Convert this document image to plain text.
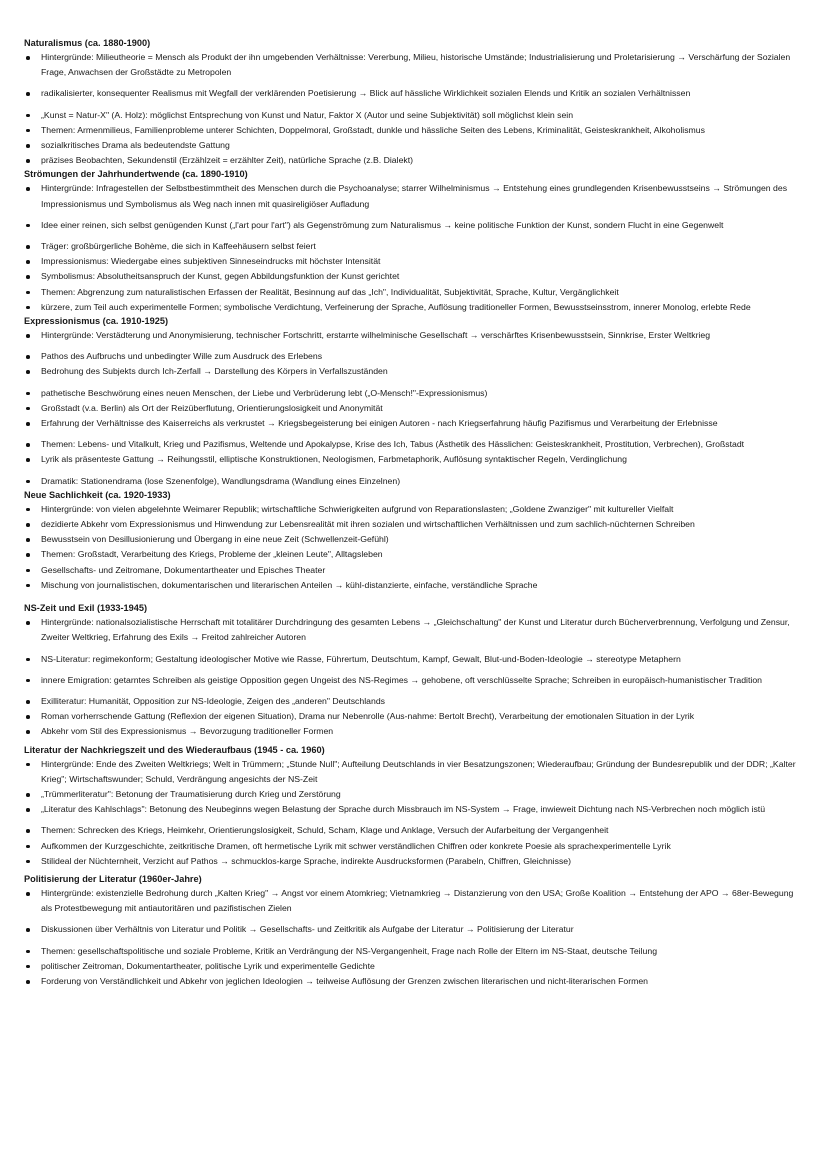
Naturalismus (ca. 1880-1900)
Hintergründe: Milieutheorie = Mensch als Produkt der ihn umgebenden Verhältnisse: Vererbung, Milieu, historische Umstände; Industrialisierung und Proletarisierung → Verschärfung der Sozialen Frage, Anwachsen der Großstädte zu Metropolen
radikalisierter, konsequenter Realismus mit Wegfall der verklärenden Poetisierung → Blick auf hässliche Wirklichkeit sozialen Elends und Kritik an sozialen Verhältnissen
„Kunst = Natur-X" (A. Holz): möglichst Entsprechung von Kunst und Natur, Faktor X (Autor und seine Subjektivität) soll möglichst klein sein
Themen: Armenmilieus, Familienprobleme unterer Schichten, Doppelmoral, Großstadt, dunkle und hässliche Seiten des Lebens, Kriminalität, Geisteskrankheit, Alkoholismus
sozialkritisches Drama als bedeutendste Gattung
präzises Beobachten, Sekundenstil (Erzählzeit = erzählter Zeit), natürliche Sprache (z.B. Dialekt)
Strömungen der Jahrhundertwende (ca. 1890-1910)
Hintergründe: Infragestellen der Selbstbestimmtheit des Menschen durch die Psychoanalyse; starrer Wilhelminismus → Entstehung eines grundlegenden Krisenbewusstseins → Strömungen des Impressionismus und Symbolismus als Weg nach innen mit quasireligiöser Aufladung
Idee einer reinen, sich selbst genügenden Kunst („l'art pour l'art") als Gegenströmung zum Naturalismus → keine politische Funktion der Kunst, sondern Flucht in eine Gegenwelt
Träger: großbürgerliche Bohème, die sich in Kaffeehäusern selbst feiert
Impressionismus: Wiedergabe eines subjektiven Sinneseindrucks mit höchster Intensität
Symbolismus: Absolutheitsanspruch der Kunst, gegen Abbildungsfunktion der Kunst gerichtet
Themen: Abgrenzung zum naturalistischen Erfassen der Realität, Besinnung auf das „Ich", Individualität, Subjektivität, Sprache, Kultur, Vergänglichkeit
kürzere, zum Teil auch experimentelle Formen; symbolische Verdichtung, Verfeinerung der Sprache, Auflösung traditioneller Formen, Bewusstseinsstrom, innerer Monolog, erlebte Rede
Expressionismus (ca. 1910-1925)
Hintergründe: Verstädterung und Anonymisierung, technischer Fortschritt, erstarrte wilhelminische Gesellschaft → verschärftes Krisenbewusstsein, Sinnkrise, Erster Weltkrieg
Pathos des Aufbruchs und unbedingter Wille zum Ausdruck des Erlebens
Bedrohung des Subjekts durch Ich-Zerfall → Darstellung des Körpers in Verfallszuständen
pathetische Beschwörung eines neuen Menschen, der Liebe und Verbrüderung lebt („O-Mensch!"-Expressionismus)
Großstadt (v.a. Berlin) als Ort der Reizüberflutung, Orientierungslosigkeit und Anonymität
Erfahrung der Verhältnisse des Kaiserreichs als verkrustet → Kriegsbegeisterung bei einigen Autoren - nach Kriegserfahrung häufig Pazifismus und Verarbeitung der Erlebnisse
Themen: Lebens- und Vitalkult, Krieg und Pazifismus, Weltende und Apokalypse, Krise des Ich, Tabus (Ästhetik des Hässlichen: Geisteskrankheit, Prostitution, Verbrechen), Großstadt
Lyrik als präsenteste Gattung → Reihungsstil, elliptische Konstruktionen, Neologismen, Farbmetaphorik, Auflösung syntaktischer Regeln, Verdinglichung
Dramatik: Stationendrama (lose Szenenfolge), Wandlungsdrama (Wandlung eines Einzelnen)
Neue Sachlichkeit (ca. 1920-1933)
Hintergründe: von vielen abgelehnte Weimarer Republik; wirtschaftliche Schwierigkeiten aufgrund von Reparationslasten; „Goldene Zwanziger" mit kultureller Vielfalt
dezidierte Abkehr vom Expressionismus und Hinwendung zur Lebensrealität mit ihren sozialen und wirtschaftlichen Verhältnissen und zum sachlich-nüchternen Schreiben
Bewusstsein von Desillusionierung und Übergang in eine neue Zeit (Schwellenzeit-Gefühl)
Themen: Großstadt, Verarbeitung des Kriegs, Probleme der „kleinen Leute", Alltagsleben
Gesellschafts- und Zeitromane, Dokumentartheater und Episches Theater
Mischung von journalistischen, dokumentarischen und literarischen Anteilen → kühl-distanzierte, einfache, verständliche Sprache
NS-Zeit und Exil (1933-1945)
Hintergründe: nationalsozialistische Herrschaft mit totalitärer Durchdringung des gesamten Lebens → „Gleichschaltung" der Kunst und Literatur durch Bücherverbrennung, Verfolgung und Zensur, Zweiter Weltkrieg, Erfahrung des Exils → Freitod zahlreicher Autoren
NS-Literatur: regimekonform; Gestaltung ideologischer Motive wie Rasse, Führertum, Deutschtum, Kampf, Gewalt, Blut-und-Boden-Ideologie → stereotype Metaphern
innere Emigration: getarntes Schreiben als geistige Opposition gegen Ungeist des NS-Regimes → gehobene, oft verschlüsselte Sprache; Schreiben in europäisch-humanistischer Tradition
Exilliteratur: Humanität, Opposition zur NS-Ideologie, Zeigen des „anderen" Deutschlands
Roman vorherrschende Gattung (Reflexion der eigenen Situation), Drama nur Nebenrolle (Aus-nahme: Bertolt Brecht), Verarbeitung der emotionalen Situation in der Lyrik
Abkehr vom Stil des Expressionismus → Bevorzugung traditioneller Formen
Literatur der Nachkriegszeit und des Wiederaufbaus (1945 - ca. 1960)
Hintergründe: Ende des Zweiten Weltkriegs; Welt in Trümmern; „Stunde Null"; Aufteilung Deutschlands in vier Besatzungszonen; Wiederaufbau; Gründung der Bundesrepublik und der DDR; „Kalter Krieg"; Wirtschaftswunder; Schuld, Verdrängung angesichts der NS-Zeit
„Trümmerliteratur": Betonung der Traumatisierung durch Krieg und Zerstörung
„Literatur des Kahlschlags": Betonung des Neubeginns wegen Belastung der Sprache durch Missbrauch im NS-System → Frage, inwieweit Dichtung nach NS-Verbrechen noch möglich istü
Themen: Schrecken des Kriegs, Heimkehr, Orientierungslosigkeit, Schuld, Scham, Klage und Anklage, Versuch der Aufarbeitung der Vergangenheit
Aufkommen der Kurzgeschichte, zeitkritische Dramen, oft hermetische Lyrik mit schwer verständlichen Chiffren oder konkrete Poesie als sprachexperimentelle Lyrik
Stilideal der Nüchternheit, Verzicht auf Pathos → schmucklos-karge Sprache, indirekte Ausdrucksformen (Parabeln, Chiffren, Gleichnisse)
Politisierung der Literatur (1960er-Jahre)
Hintergründe: existenzielle Bedrohung durch „Kalten Krieg" → Angst vor einem Atomkrieg; Vietnamkrieg → Distanzierung von den USA; Große Koalition → Entstehung der APO → 68er-Bewegung als Protestbewegung mit antiautoritären und pazifistischen Zielen
Diskussionen über Verhältnis von Literatur und Politik → Gesellschafts- und Zeitkritik als Aufgabe der Literatur → Politisierung der Literatur
Themen: gesellschaftspolitische und soziale Probleme, Kritik an Verdrängung der NS-Vergangenheit, Frage nach Rolle der Eltern im NS-Staat, deutsche Teilung
politischer Zeitroman, Dokumentartheater, politische Lyrik und experimentelle Gedichte
Forderung von Verständlichkeit und Abkehr von jeglichen Ideologien → teilweise Auflösung der Grenzen zwischen literarischen und nicht-literarischen Formen
